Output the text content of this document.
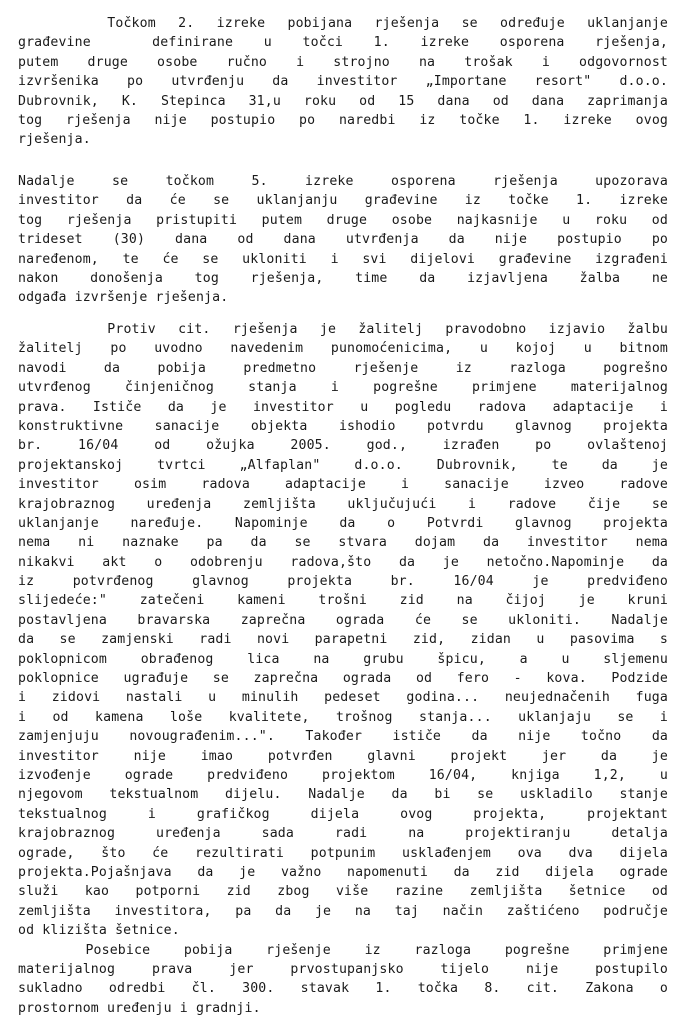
Točkom 2. izreke pobijana rješenja se određuje uklanjanje
građevine  definirane u točci 1. izreke osporena rješenja,
putem druge osobe ručno i strojno na trošak i odgovornost
izvršenika po utvrđenju da investitor „Importane resort" d.o.o.
Dubrovnik, K. Stepinca 31,u roku od 15 dana od dana zaprimanja
tog rješenja nije postupio po naredbi iz točke 1. izreke ovog
rješenja.
Nadalje se točkom 5. izreke osporena rješenja upozorava
investitor da će se uklanjanju građevine iz točke 1. izreke
tog rješenja pristupiti putem druge osobe najkasnije u roku od
trideset (30) dana od dana utvrđenja da nije postupio po
naređenom, te će se ukloniti i svi dijelovi građevine izgrađeni
nakon donošenja tog rješenja, time da izjavljena žalba ne
odgađa izvršenje rješenja.
Protiv cit. rješenja je žalitelj pravodobno izjavio žalbu
žalitelj po uvodno navedenim punomoćenicima, u kojoj u bitnom
navodi da pobija predmetno rješenje iz razloga pogrešno
utvrđenog činjeničnog stanja i pogrešne primjene materijalnog
prava. Ističe da je investitor u pogledu radova adaptacije i
konstruktivne sanacije objekta ishodio potvrdu glavnog projekta
br. 16/04 od ožujka 2005. god., izrađen po ovlaštenoj
projektanskoj tvrtci „Alfaplan" d.o.o. Dubrovnik, te da je
investitor osim radova adaptacije i sanacije izveo radove
krajobraznog uređenja zemljišta uključujući i radove čije se
uklanjanje naređuje. Napominje da o Potvrdi glavnog projekta
nema ni naznake pa da se stvara dojam da investitor nema
nikakvi akt o odobrenju radova,što da je netočno.Napominje da
iz potvrđenog glavnog projekta br. 16/04 je predviđeno
slijedeće:" zatečeni kameni trošni zid na čijoj je kruni
postavljena bravarska zaprečna ograda će se ukloniti. Nadalje
da se zamjenski radi novi parapetni zid, zidan u pasovima s
poklopnicom obrađenog lica na grubu špicu, a u sljemenu
poklopnice ugrađuje se zaprečna ograda od fero - kova. Podzide
i zidovi nastali u minulih pedeset godina... neujednačenih fuga
i od kamena loše kvalitete, trošnog stanja... uklanjaju se i
zamjenjuju novougrađenim...". Također ističe da nije točno da
investitor nije imao potvrđen glavni projekt jer da je
izvođenje ograde predviđeno projektom 16/04, knjiga 1,2, u
njegovom tekstualnom dijelu. Nadalje da bi se uskladilo stanje
tekstualnog i grafičkog dijela ovog projekta, projektant
krajobraznog uređenja sada radi na projektiranju detalja
ograde, što će rezultirati potpunim usklađenjem ova dva dijela
projekta.Pojašnjava da je važno napomenuti da zid dijela ograde
služi kao potporni zid zbog više razine zemljišta šetnice od
zemljišta investitora, pa da je na taj način zaštićeno područje
od klizišta šetnice.
Posebice pobija rješenje iz razloga pogrešne primjene
materijalnog prava jer prvostupanjsko tijelo nije postupilo
sukladno odredbi čl. 300. stavak 1. točka 8. cit. Zakona o
prostornom uređenju i gradnji.
